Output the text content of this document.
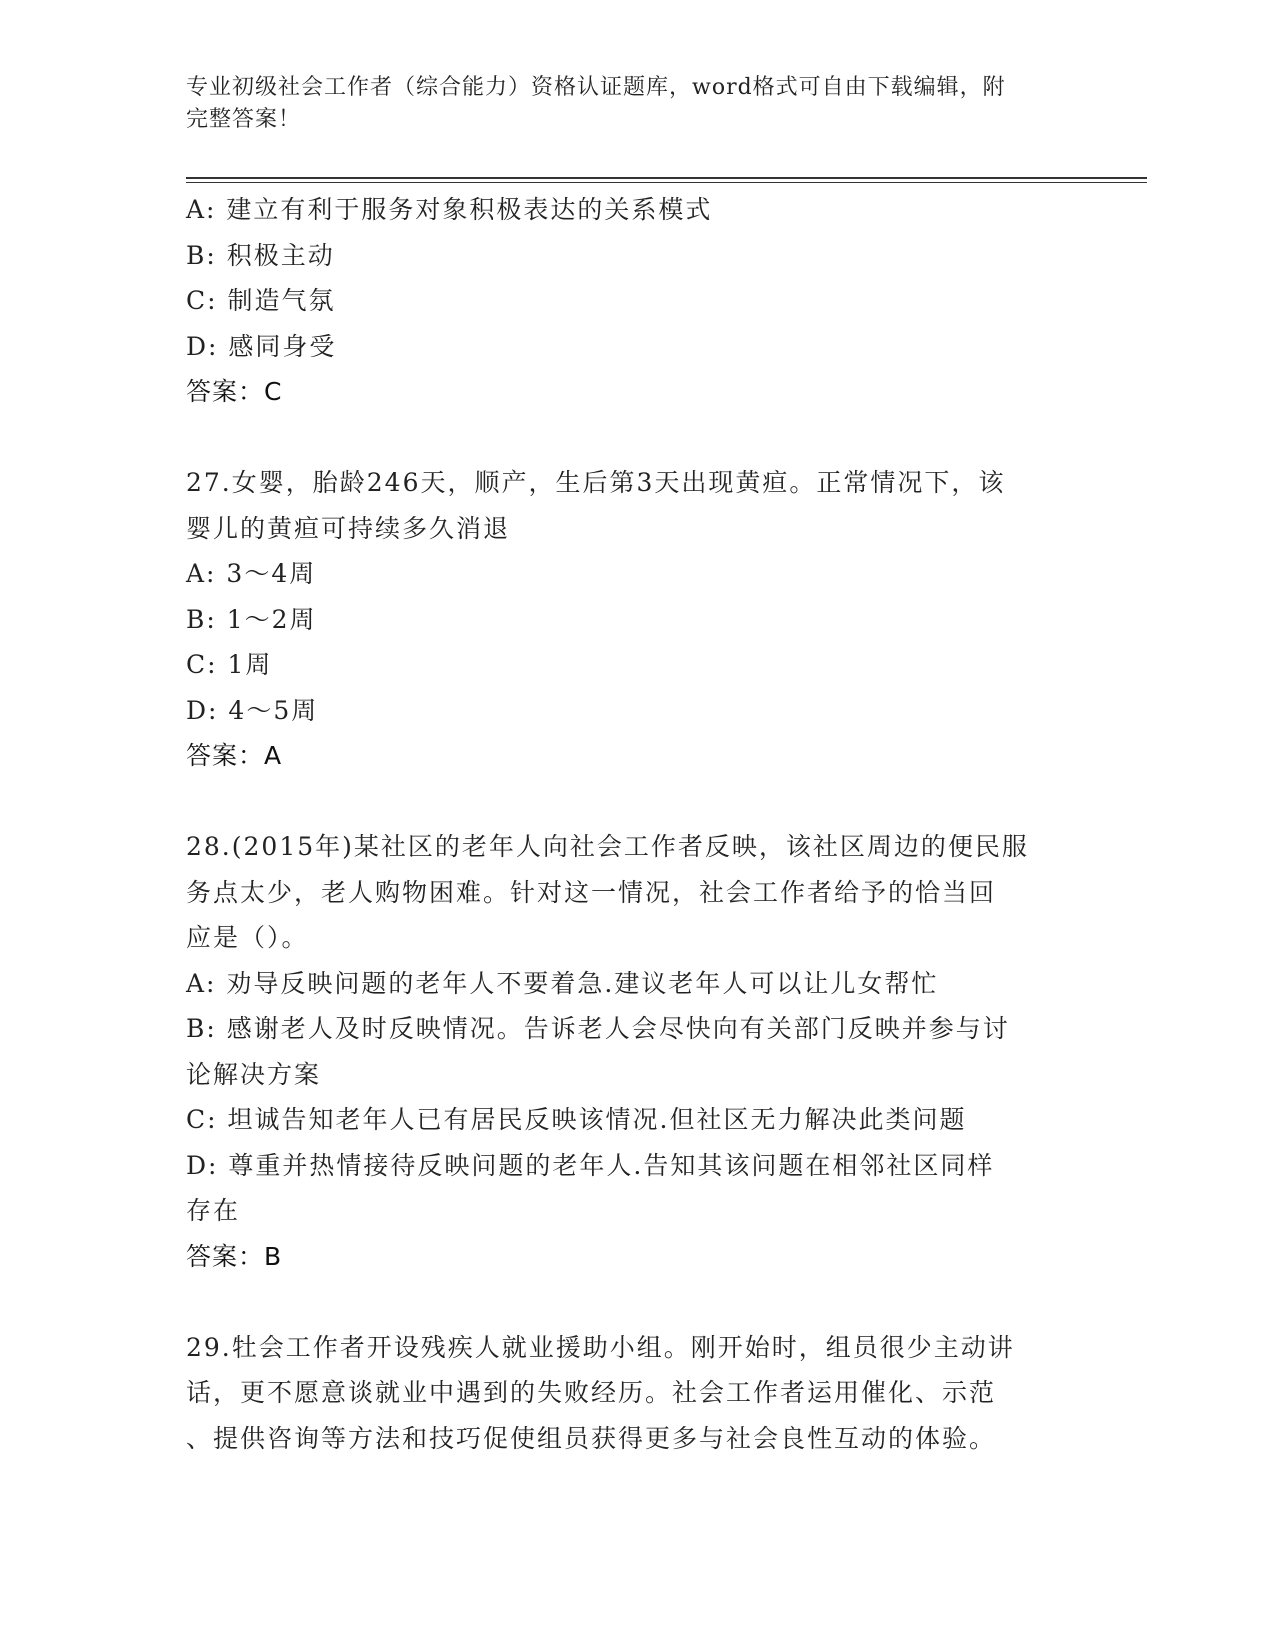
专业初级社会工作者（综合能力）资格认证题库，word格式可自由下载编辑，附
完整答案！
A: 建立有利于服务对象积极表达的关系模式
B: 积极主动
C: 制造气氛
D: 感同身受
答案：C
27.女婴，胎龄246天，顺产，生后第3天出现黄疸。正常情况下，该
婴儿的黄疸可持续多久消退
A: 3～4周
B: 1～2周
C: 1周
D: 4～5周
答案：A
28.(2015年)某社区的老年人向社会工作者反映，该社区周边的便民服
务点太少，老人购物困难。针对这一情况，社会工作者给予的恰当回
应是（）。
A: 劝导反映问题的老年人不要着急.建议老年人可以让儿女帮忙
B: 感谢老人及时反映情况。告诉老人会尽快向有关部门反映并参与讨
论解决方案
C: 坦诚告知老年人已有居民反映该情况.但社区无力解决此类问题
D: 尊重并热情接待反映问题的老年人.告知其该问题在相邻社区同样
存在
答案：B
29.牡会工作者开设残疾人就业援助小组。刚开始时，组员很少主动讲
话，更不愿意谈就业中遇到的失败经历。社会工作者运用催化、示范
、提供咨询等方法和技巧促使组员获得更多与社会良性互动的体验。
